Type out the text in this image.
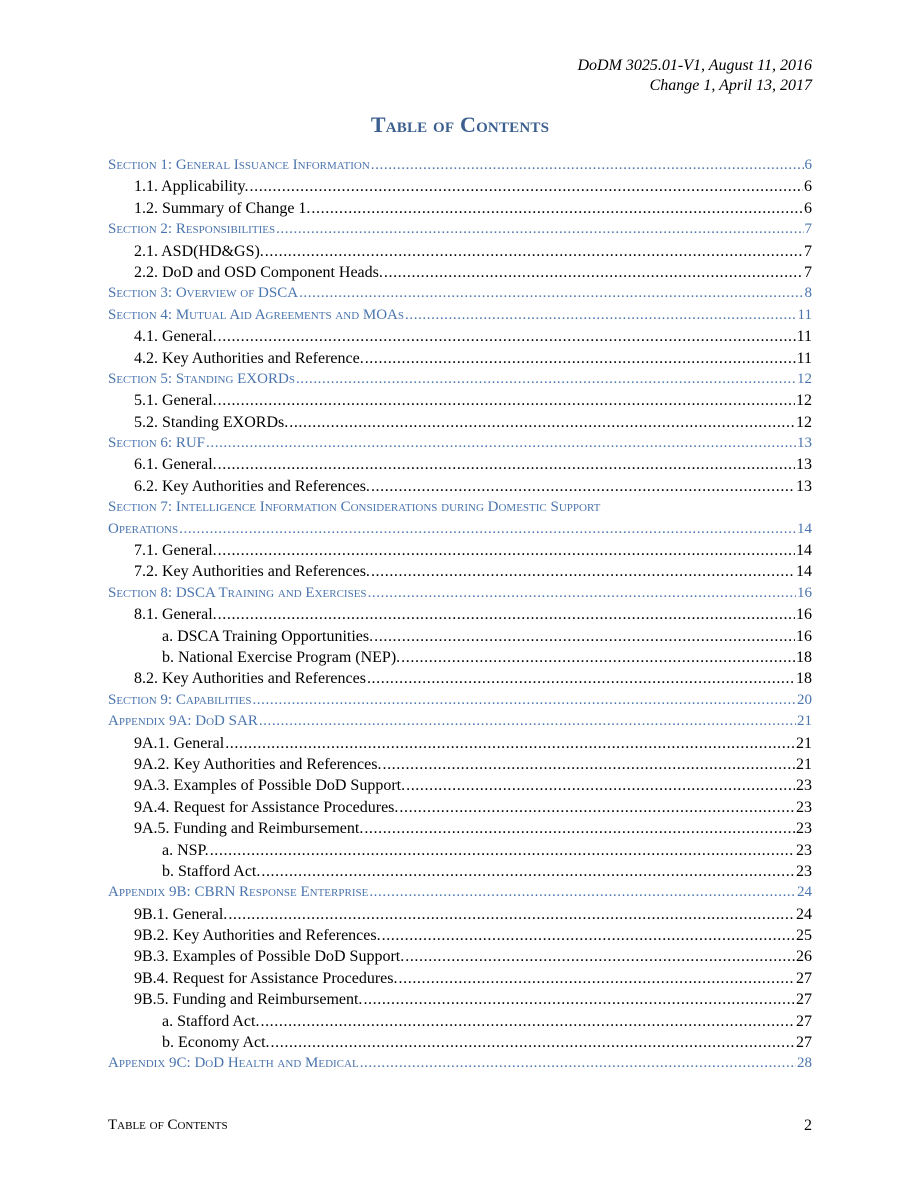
DoDM 3025.01-V1, August 11, 2016
Change 1, April 13, 2017
Table of Contents
Section 1: General Issuance Information .....	6
1.1. Applicability. .....	6
1.2. Summary of Change 1. .....	6
Section 2: Responsibilities .....	7
2.1. ASD(HD&GS). .....	7
2.2. DoD and OSD Component Heads. .....	7
Section 3: Overview of DSCA .....	8
Section 4: Mutual Aid Agreements and MOAs .....	11
4.1. General. .....	11
4.2. Key Authorities and Reference. .....	11
Section 5: Standing EXORDs .....	12
5.1. General. .....	12
5.2. Standing EXORDs. .....	12
Section 6: RUF .....	13
6.1. General. .....	13
6.2. Key Authorities and References. .....	13
Section 7: Intelligence Information Considerations during Domestic Support
Operations .....	14
7.1. General. .....	14
7.2. Key Authorities and References. .....	14
Section 8: DSCA Training and Exercises .....	16
8.1. General. .....	16
a. DSCA Training Opportunities. .....	16
b. National Exercise Program (NEP). .....	18
8.2. Key Authorities and References .....	18
Section 9: Capabilities .....	20
Appendix 9A: DoD SAR .....	21
9A.1. General .....	21
9A.2. Key Authorities and References. .....	21
9A.3. Examples of Possible DoD Support. .....	23
9A.4. Request for Assistance Procedures. .....	23
9A.5. Funding and Reimbursement. .....	23
a. NSP. .....	23
b. Stafford Act. .....	23
Appendix 9B: CBRN Response Enterprise .....	24
9B.1. General. .....	24
9B.2. Key Authorities and References. .....	25
9B.3. Examples of Possible DoD Support. .....	26
9B.4. Request for Assistance Procedures. .....	27
9B.5. Funding and Reimbursement. .....	27
a. Stafford Act. .....	27
b. Economy Act. .....	27
Appendix 9C: DoD Health and Medical .....	28
Table of Contents	2
